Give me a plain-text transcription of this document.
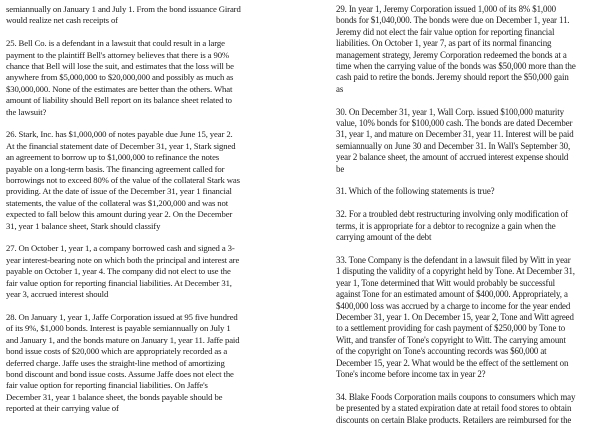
semiannually on January 1 and July 1. From the bond issuance Girard
would realize net cash receipts of
25. Bell Co. is a defendant in a lawsuit that could result in a large
payment to the plaintiff Bell's attorney believes that there is a 90%
chance that Bell will lose the suit, and estimates that the loss will be
anywhere from $5,000,000 to $20,000,000 and possibly as much as
$30,000,000. None of the estimates are better than the others. What
amount of liability should Bell report on its balance sheet related to
the lawsuit?
26. Stark, Inc. has $1,000,000 of notes payable due June 15, year 2.
At the financial statement date of December 31, year 1, Stark signed
an agreement to borrow up to $1,000,000 to refinance the notes
payable on a long-term basis. The financing agreement called for
borrowings not to exceed 80% of the value of the collateral Stark was
providing. At the date of issue of the December 31, year 1 financial
statements, the value of the collateral was $1,200,000 and was not
expected to fall below this amount during year 2. On the December
31, year 1 balance sheet, Stark should classify
27. On October 1, year 1, a company borrowed cash and signed a 3-
year interest-bearing note on which both the principal and interest are
payable on October 1, year 4. The company did not elect to use the
fair value option for reporting financial liabilities. At December 31,
year 3, accrued interest should
28. On January 1, year 1, Jaffe Corporation issued at 95 five hundred
of its 9%, $1,000 bonds. Interest is payable semiannually on July 1
and January 1, and the bonds mature on January 1, year 11. Jaffe paid
bond issue costs of $20,000 which are appropriately recorded as a
deferred charge. Jaffe uses the straight-line method of amortizing
bond discount and bond issue costs. Assume Jaffe does not elect the
fair value option for reporting financial liabilities. On Jaffe's
December 31, year 1 balance sheet, the bonds payable should be
reported at their carrying value of
29. In year 1, Jeremy Corporation issued 1,000 of its 8% $1,000
bonds for $1,040,000. The bonds were due on December 1, year 11.
Jeremy did not elect the fair value option for reporting financial
liabilities. On October 1, year 7, as part of its normal financing
management strategy, Jeremy Corporation redeemed the bonds at a
time when the carrying value of the bonds was $50,000 more than the
cash paid to retire the bonds. Jeremy should report the $50,000 gain
as
30. On December 31, year 1, Wall Corp. issued $100,000 maturity
value, 10% bonds for $100,000 cash. The bonds are dated December
31, year 1, and mature on December 31, year 11. Interest will be paid
semiannually on June 30 and December 31. In Wall's September 30,
year 2 balance sheet, the amount of accrued interest expense should
be
31. Which of the following statements is true?
32. For a troubled debt restructuring involving only modification of
terms, it is appropriate for a debtor to recognize a gain when the
carrying amount of the debt
33. Tone Company is the defendant in a lawsuit filed by Witt in year
1 disputing the validity of a copyright held by Tone. At December 31,
year 1, Tone determined that Witt would probably be successful
against Tone for an estimated amount of $400,000. Appropriately, a
$400,000 loss was accrued by a charge to income for the year ended
December 31, year 1. On December 15, year 2, Tone and Witt agreed
to a settlement providing for cash payment of $250,000 by Tone to
Witt, and transfer of Tone's copyright to Witt. The carrying amount
of the copyright on Tone's accounting records was $60,000 at
December 15, year 2. What would be the effect of the settlement on
Tone's income before income tax in year 2?
34. Blake Foods Corporation mails coupons to consumers which may
be presented by a stated expiration date at retail food stores to obtain
discounts on certain Blake products. Retailers are reimbursed for the
